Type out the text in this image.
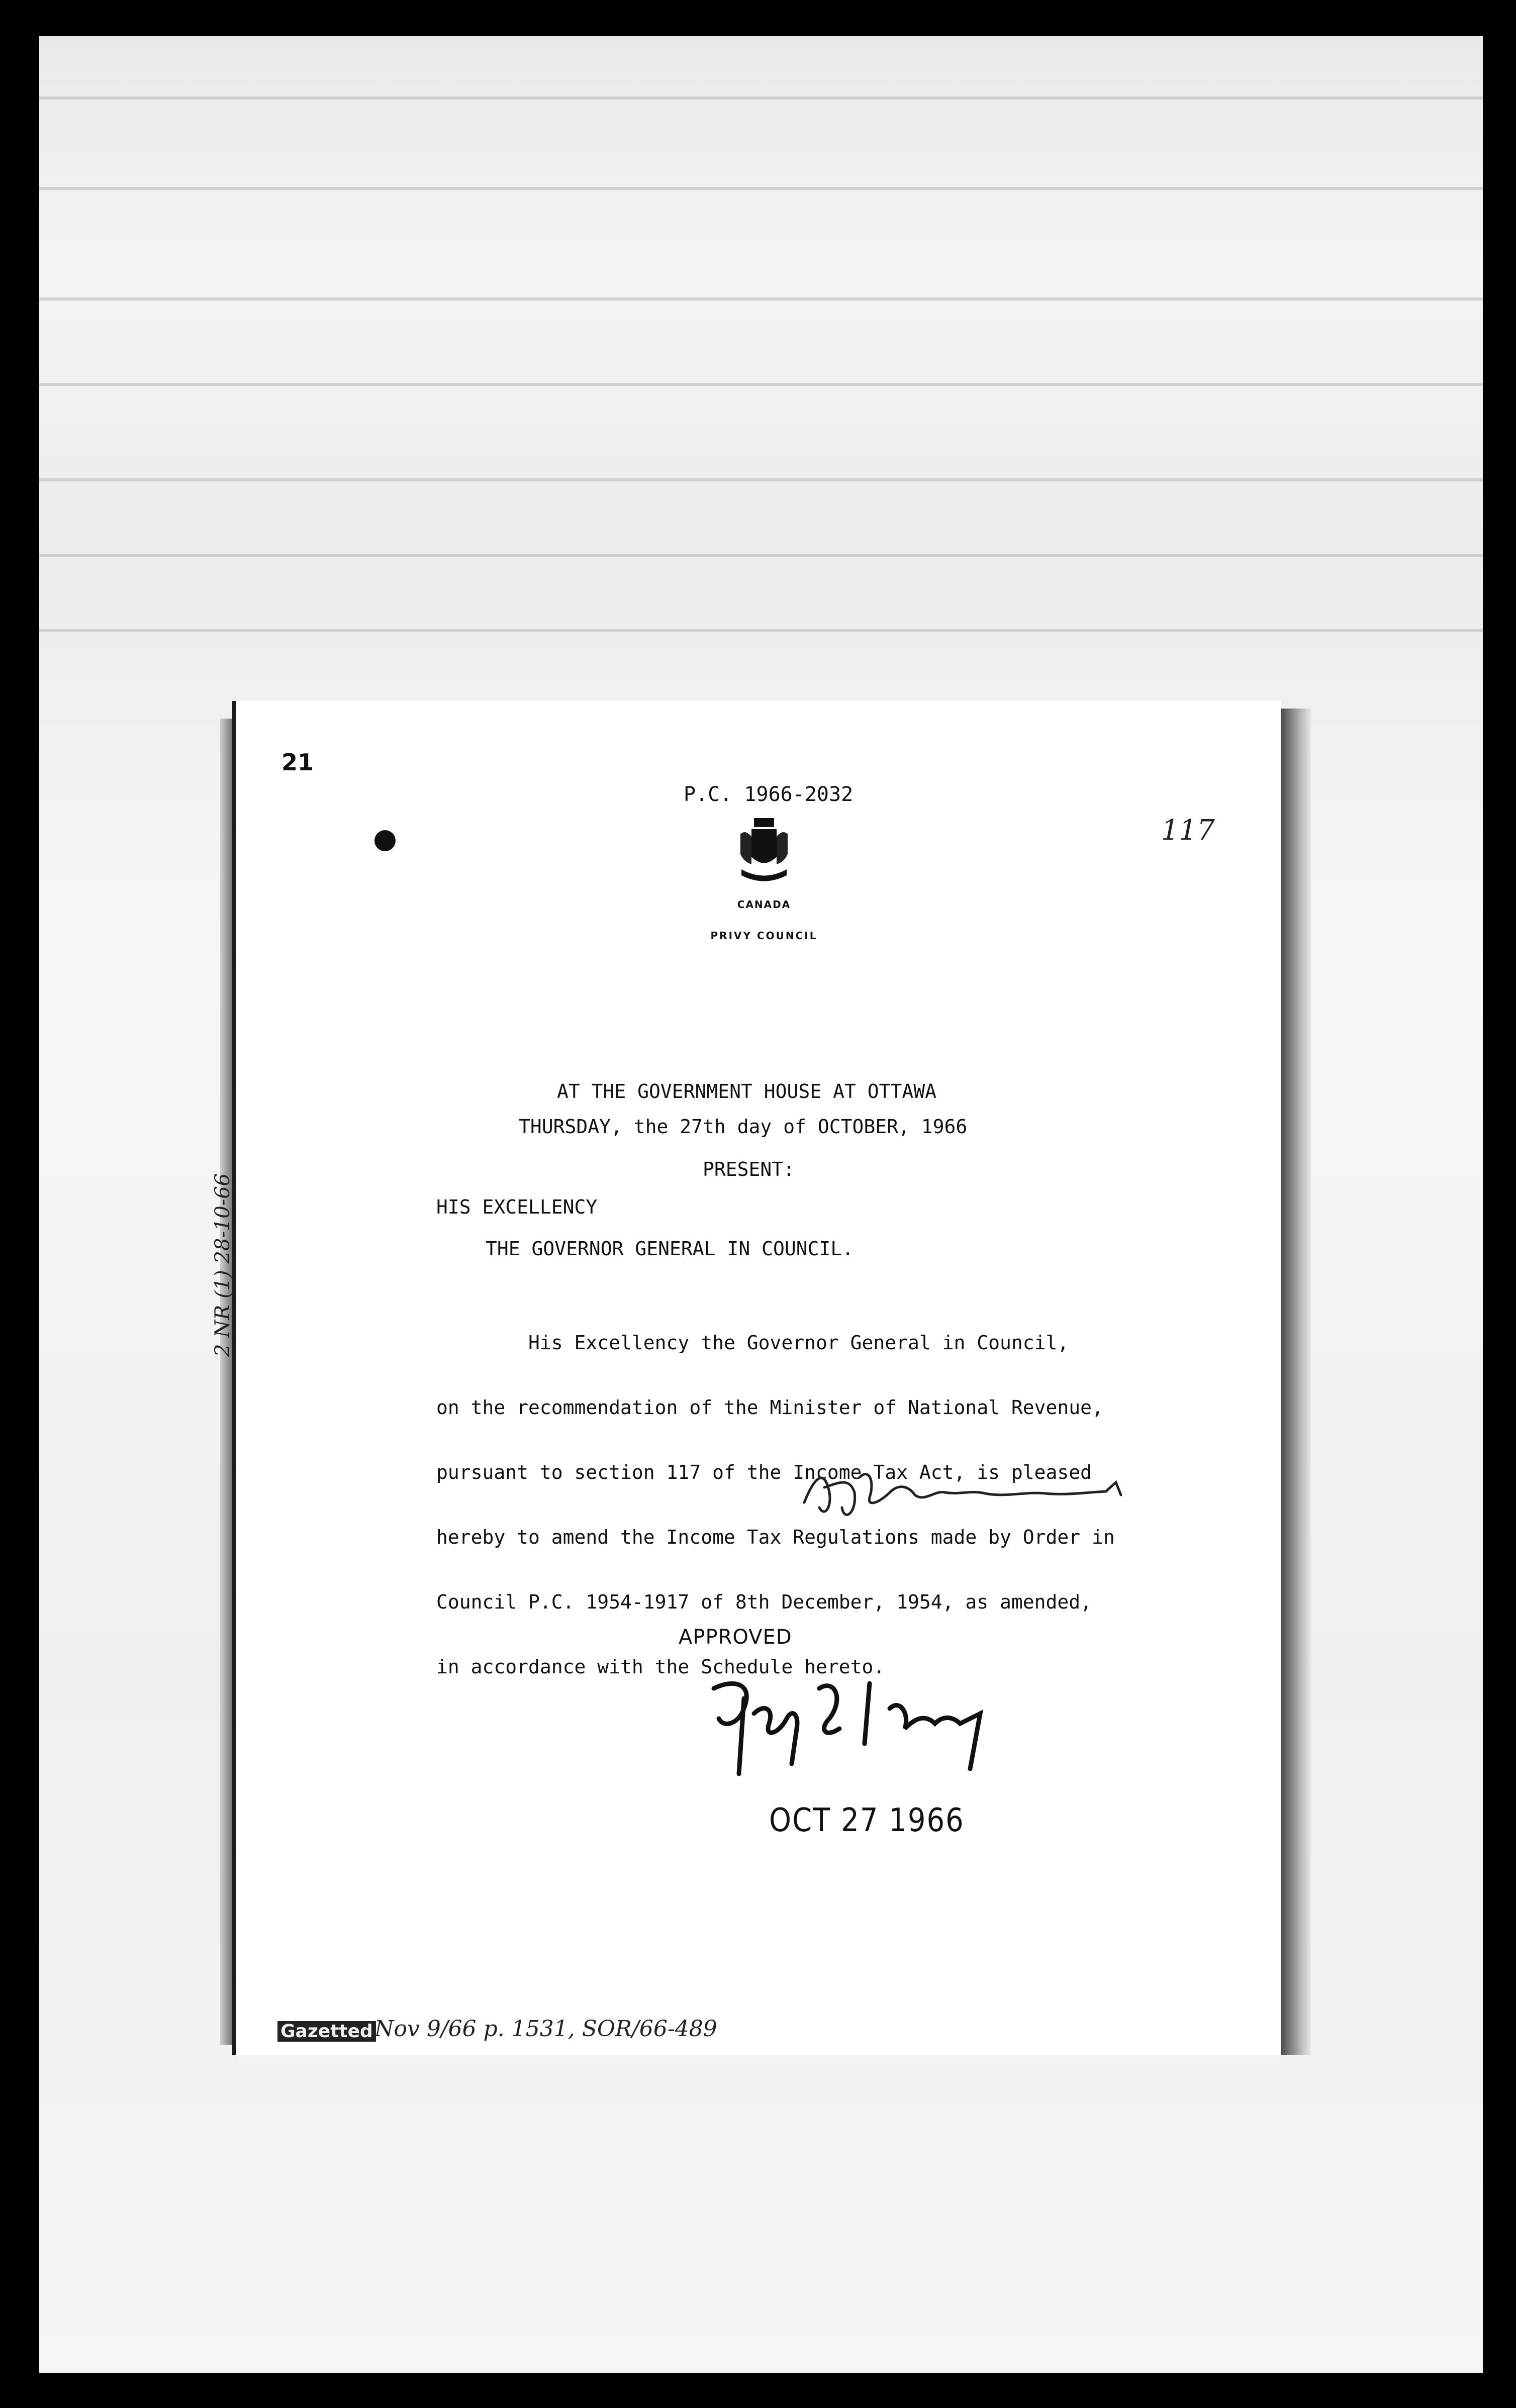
21
P.C. 1966-2032
117
CANADA
PRIVY COUNCIL
AT THE GOVERNMENT HOUSE AT OTTAWA
THURSDAY, the 27th day of OCTOBER, 1966
PRESENT:
HIS EXCELLENCY
THE GOVERNOR GENERAL IN COUNCIL.

His Excellency the Governor General in Council,

on the recommendation of the Minister of National Revenue,

pursuant to section 117 of the Income Tax Act, is pleased

hereby to amend the Income Tax Regulations made by Order in

Council P.C. 1954-1917 of 8th December, 1954, as amended,

in accordance with the Schedule hereto.

APPROVED
OCT 27 1966
2 NR (1) 28-10-66
Gazetted Nov 9/66 p. 1531, SOR/66-489
